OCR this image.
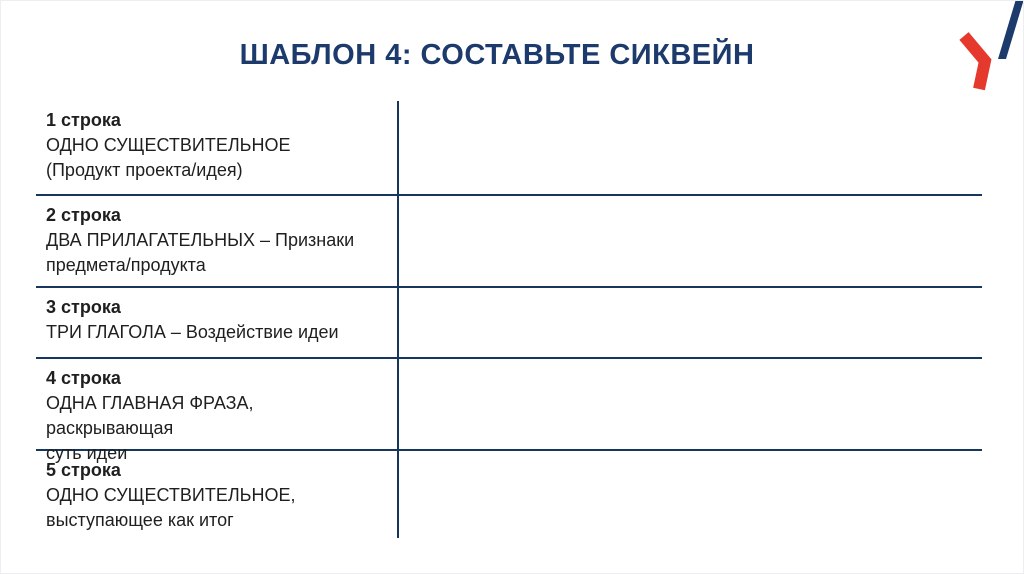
ШАБЛОН 4: СОСТАВЬТЕ СИКВЕЙН
1 строка
ОДНО СУЩЕСТВИТЕЛЬНОЕ
(Продукт проекта/идея)
2 строка
ДВА ПРИЛАГАТЕЛЬНЫХ – Признаки
предмета/продукта
3 строка
ТРИ ГЛАГОЛА – Воздействие идеи
4 строка
ОДНА ГЛАВНАЯ ФРАЗА, раскрывающая
суть идеи
5 строка
ОДНО СУЩЕСТВИТЕЛЬНОЕ,
выступающее как итог
